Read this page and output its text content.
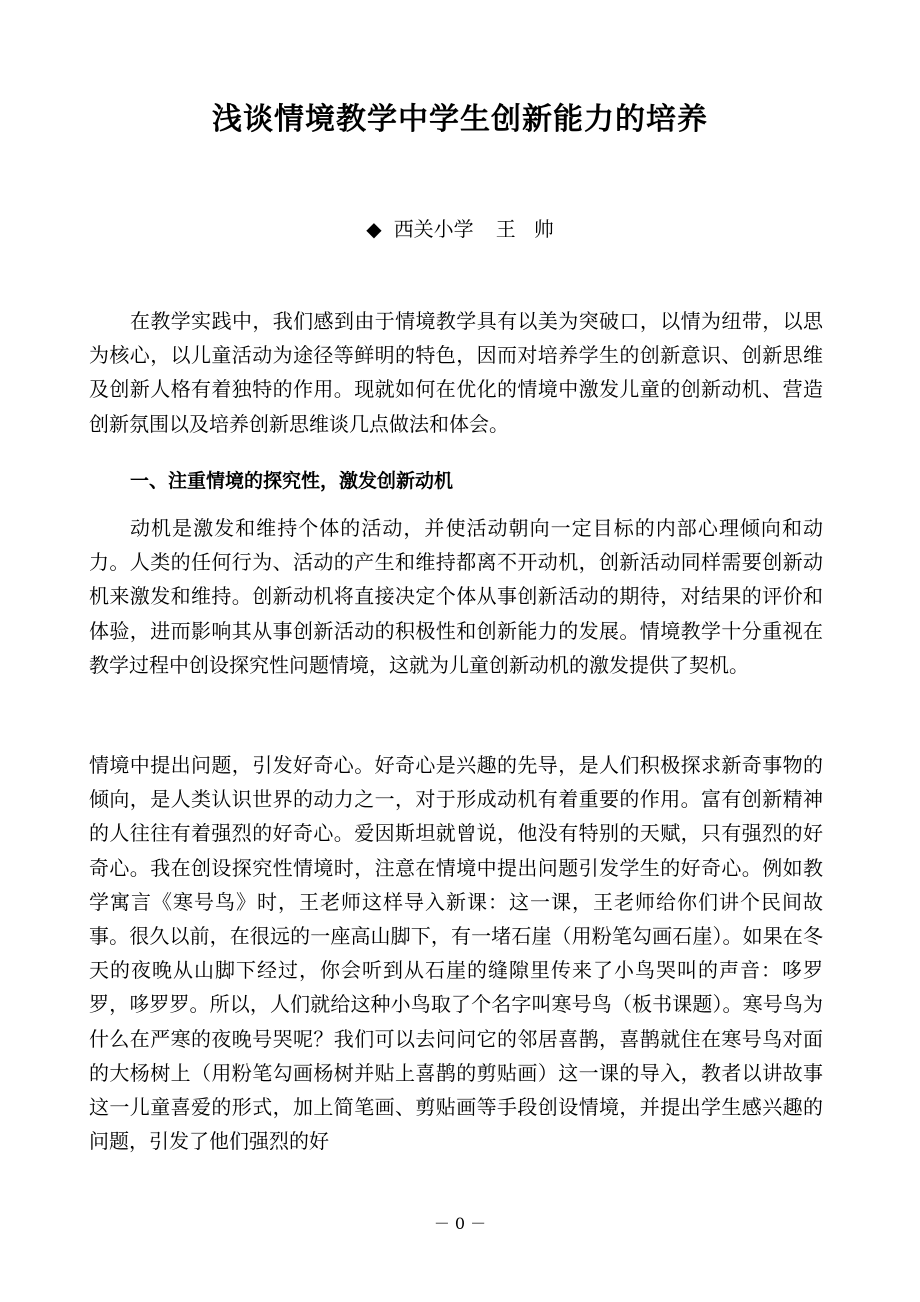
浅谈情境教学中学生创新能力的培养
◆ 西关小学 王 帅

在教学实践中，我们感到由于情境教学具有以美为突破口，以情为纽带，以思为核心，以儿童活动为途径等鲜明的特色，因而对培养学生的创新意识、创新思维及创新人格有着独特的作用。现就如何在优化的情境中激发儿童的创新动机、营造创新氛围以及培养创新思维谈几点做法和体会。

一、注重情境的探究性，激发创新动机

动机是激发和维持个体的活动，并使活动朝向一定目标的内部心理倾向和动力。人类的任何行为、活动的产生和维持都离不开动机，创新活动同样需要创新动机来激发和维持。创新动机将直接决定个体从事创新活动的期待，对结果的评价和体验，进而影响其从事创新活动的积极性和创新能力的发展。情境教学十分重视在教学过程中创设探究性问题情境，这就为儿童创新动机的激发提供了契机。

情境中提出问题，引发好奇心。好奇心是兴趣的先导，是人们积极探求新奇事物的倾向，是人类认识世界的动力之一，对于形成动机有着重要的作用。富有创新精神的人往往有着强烈的好奇心。爱因斯坦就曾说，他没有特别的天赋，只有强烈的好奇心。我在创设探究性情境时，注意在情境中提出问题引发学生的好奇心。例如教学寓言《寒号鸟》时，王老师这样导入新课：这一课，王老师给你们讲个民间故事。很久以前，在很远的一座高山脚下，有一堵石崖（用粉笔勾画石崖）。如果在冬天的夜晚从山脚下经过，你会听到从石崖的缝隙里传来了小鸟哭叫的声音：哆罗罗，哆罗罗。所以，人们就给这种小鸟取了个名字叫寒号鸟（板书课题）。寒号鸟为什么在严寒的夜晚号哭呢？我们可以去问问它的邻居喜鹊，喜鹊就住在寒号鸟对面的大杨树上（用粉笔勾画杨树并贴上喜鹊的剪贴画）这一课的导入，教者以讲故事这一儿童喜爱的形式，加上简笔画、剪贴画等手段创设情境，并提出学生感兴趣的问题，引发了他们强烈的好

－ 0 －
